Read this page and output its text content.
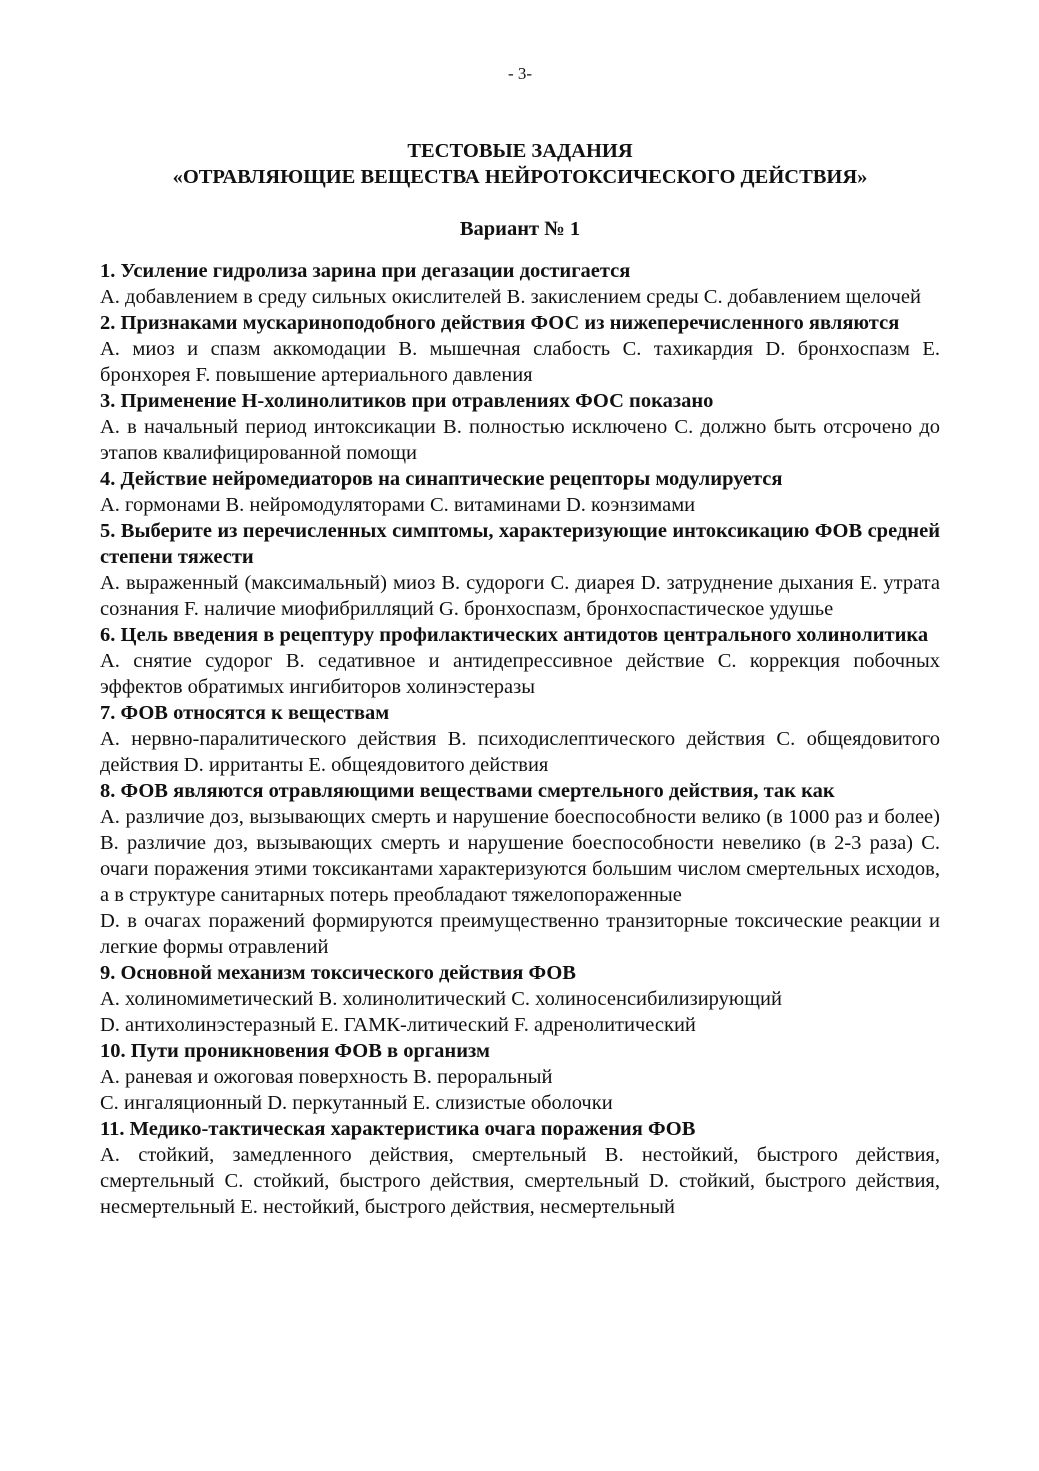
- 3-
ТЕСТОВЫЕ ЗАДАНИЯ
«ОТРАВЛЯЮЩИЕ ВЕЩЕСТВА НЕЙРОТОКСИЧЕСКОГО ДЕЙСТВИЯ»
Вариант № 1

1. Усиление гидролиза зарина при дегазации достигается

A. добавлением в среду сильных окислителей B. закислением среды C. добавлением щелочей

2. Признаками мускариноподобного действия ФОС из нижеперечисленного являются

A. миоз и спазм аккомодации B. мышечная слабость C. тахикардия D. бронхоспазм E. бронхорея F. повышение артериального давления

3. Применение Н-холинолитиков при отравлениях ФОС показано

A. в начальный период интоксикации B. полностью исключено C. должно быть отсрочено до этапов квалифицированной помощи

4. Действие нейромедиаторов на синаптические рецепторы модулируется

A. гормонами B. нейромодуляторами C. витаминами D. коэнзимами

5. Выберите из перечисленных симптомы, характеризующие интоксикацию ФОВ средней степени тяжести

A. выраженный (максимальный) миоз B. судороги C. диарея D. затруднение дыхания E. утрата сознания F. наличие миофибрилляций G. бронхоспазм, бронхоспастическое удушье

6. Цель введения в рецептуру профилактических антидотов центрального холинолитика

A. снятие судорог B. седативное и антидепрессивное действие C. коррекция побочных эффектов обратимых ингибиторов холинэстеразы

7. ФОВ относятся к веществам

A. нервно-паралитического действия B. психодислептического действия C. общеядовитого действия D. ирританты E. общеядовитого действия

8. ФОВ являются отравляющими веществами смертельного действия, так как

A. различие доз, вызывающих смерть и нарушение боеспособности велико (в 1000 раз и более) B. различие доз, вызывающих смерть и нарушение боеспособности невелико (в 2-3 раза) C. очаги поражения этими токсикантами характеризуются большим числом смертельных исходов, а в структуре санитарных потерь преобладают тяжелопораженные

D. в очагах поражений формируются преимущественно транзиторные токсические реакции и легкие формы отравлений

9. Основной механизм токсического действия ФОВ

A. холиномиметический B. холинолитический C. холиносенсибилизирующий

D. антихолинэстеразный E. ГАМК-литический F. адренолитический

10. Пути проникновения ФОВ в организм

A. раневая и ожоговая поверхность B. пероральный

C. ингаляционный D. перкутанный E. слизистые оболочки

11. Медико-тактическая характеристика очага поражения ФОВ

A. стойкий, замедленного действия, смертельный B. нестойкий, быстрого действия, смертельный C. стойкий, быстрого действия, смертельный D. стойкий, быстрого действия, несмертельный E. нестойкий, быстрого действия, несмертельный
